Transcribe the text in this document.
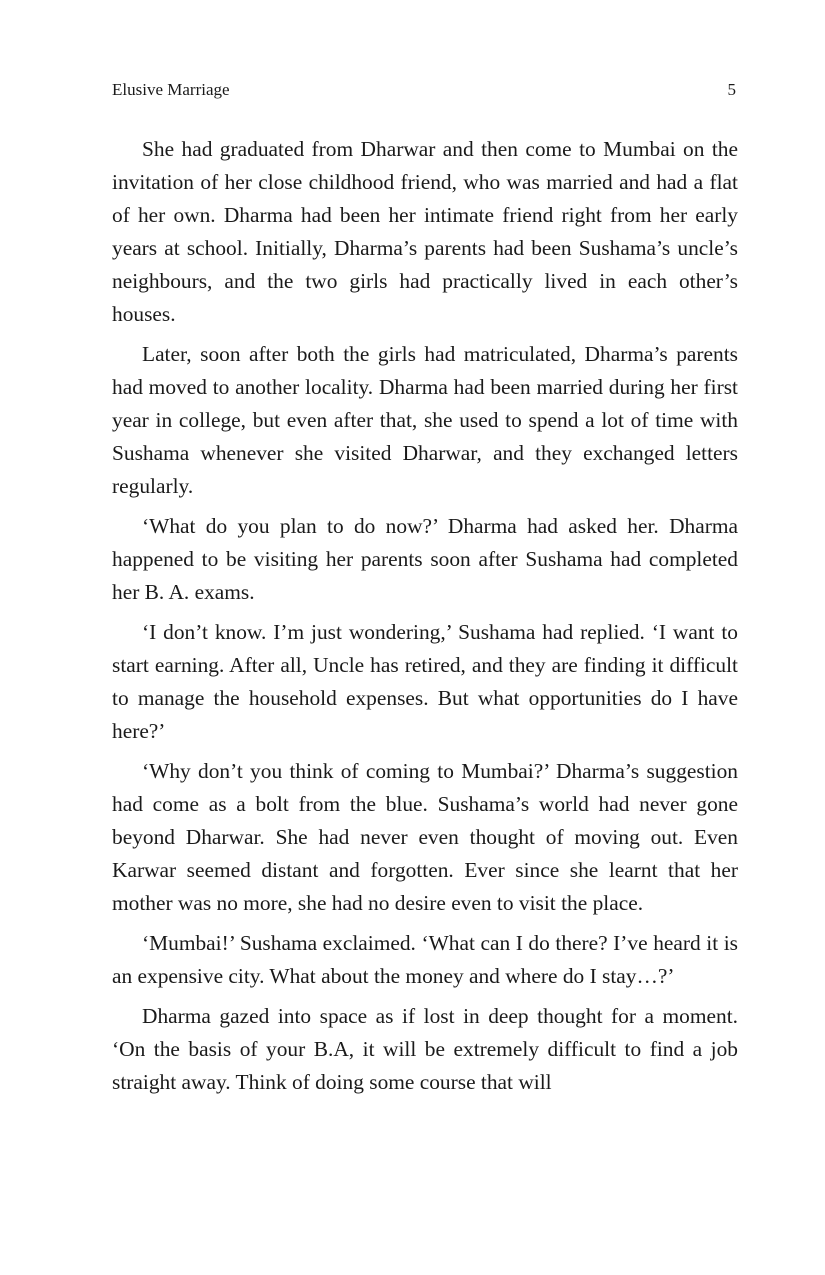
Elusive Marriage	5

She had graduated from Dharwar and then come to Mumbai on the invitation of her close childhood friend, who was married and had a flat of her own. Dharma had been her intimate friend right from her early years at school. Initially, Dharma’s parents had been Sushama’s uncle’s neighbours, and the two girls had practically lived in each other’s houses.

Later, soon after both the girls had matriculated, Dharma’s parents had moved to another locality. Dharma had been married during her first year in college, but even after that, she used to spend a lot of time with Sushama whenever she visited Dharwar, and they exchanged letters regularly.

‘What do you plan to do now?’ Dharma had asked her. Dharma happened to be visiting her parents soon after Sushama had completed her B. A. exams.

‘I don’t know. I’m just wondering,’ Sushama had replied. ‘I want to start earning. After all, Uncle has retired, and they are finding it difficult to manage the household expenses. But what opportunities do I have here?’

‘Why don’t you think of coming to Mumbai?’ Dharma’s suggestion had come as a bolt from the blue. Sushama’s world had never gone beyond Dharwar. She had never even thought of moving out. Even Karwar seemed distant and forgotten. Ever since she learnt that her mother was no more, she had no desire even to visit the place.

‘Mumbai!’ Sushama exclaimed. ‘What can I do there? I’ve heard it is an expensive city. What about the money and where do I stay…?’

Dharma gazed into space as if lost in deep thought for a moment. ‘On the basis of your B.A, it will be extremely difficult to find a job straight away. Think of doing some course that will
